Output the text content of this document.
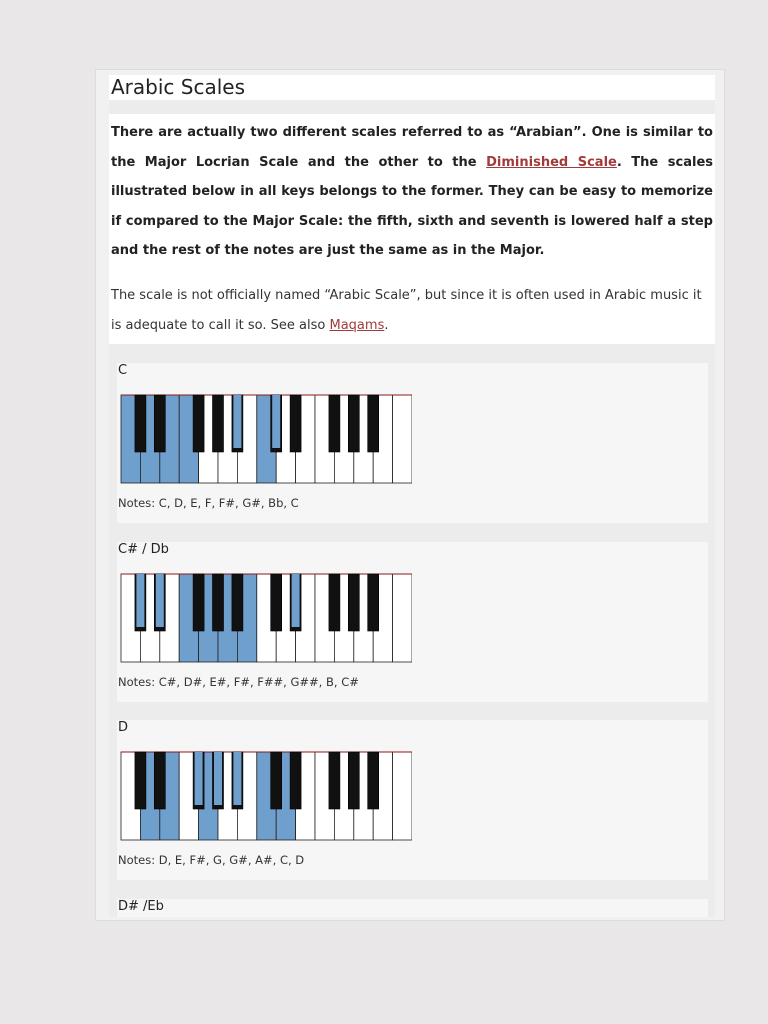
Arabic Scales

There are actually two different scales referred to as “Arabian”. One is similar to the Major Locrian Scale and the other to the Diminished Scale. The scales illustrated below in all keys belongs to the former. They can be easy to memorize if compared to the Major Scale: the fifth, sixth and seventh is lowered half a step and the rest of the notes are just the same as in the Major.

The scale is not officially named “Arabic Scale”, but since it is often used in Arabic music it is adequate to call it so. See also Maqams.

C
Notes: C, D, E, F, F#, G#, Bb, C
C# / Db
Notes: C#, D#, E#, F#, F##, G##, B, C#
D
Notes: D, E, F#, G, G#, A#, C, D
D# /Eb
